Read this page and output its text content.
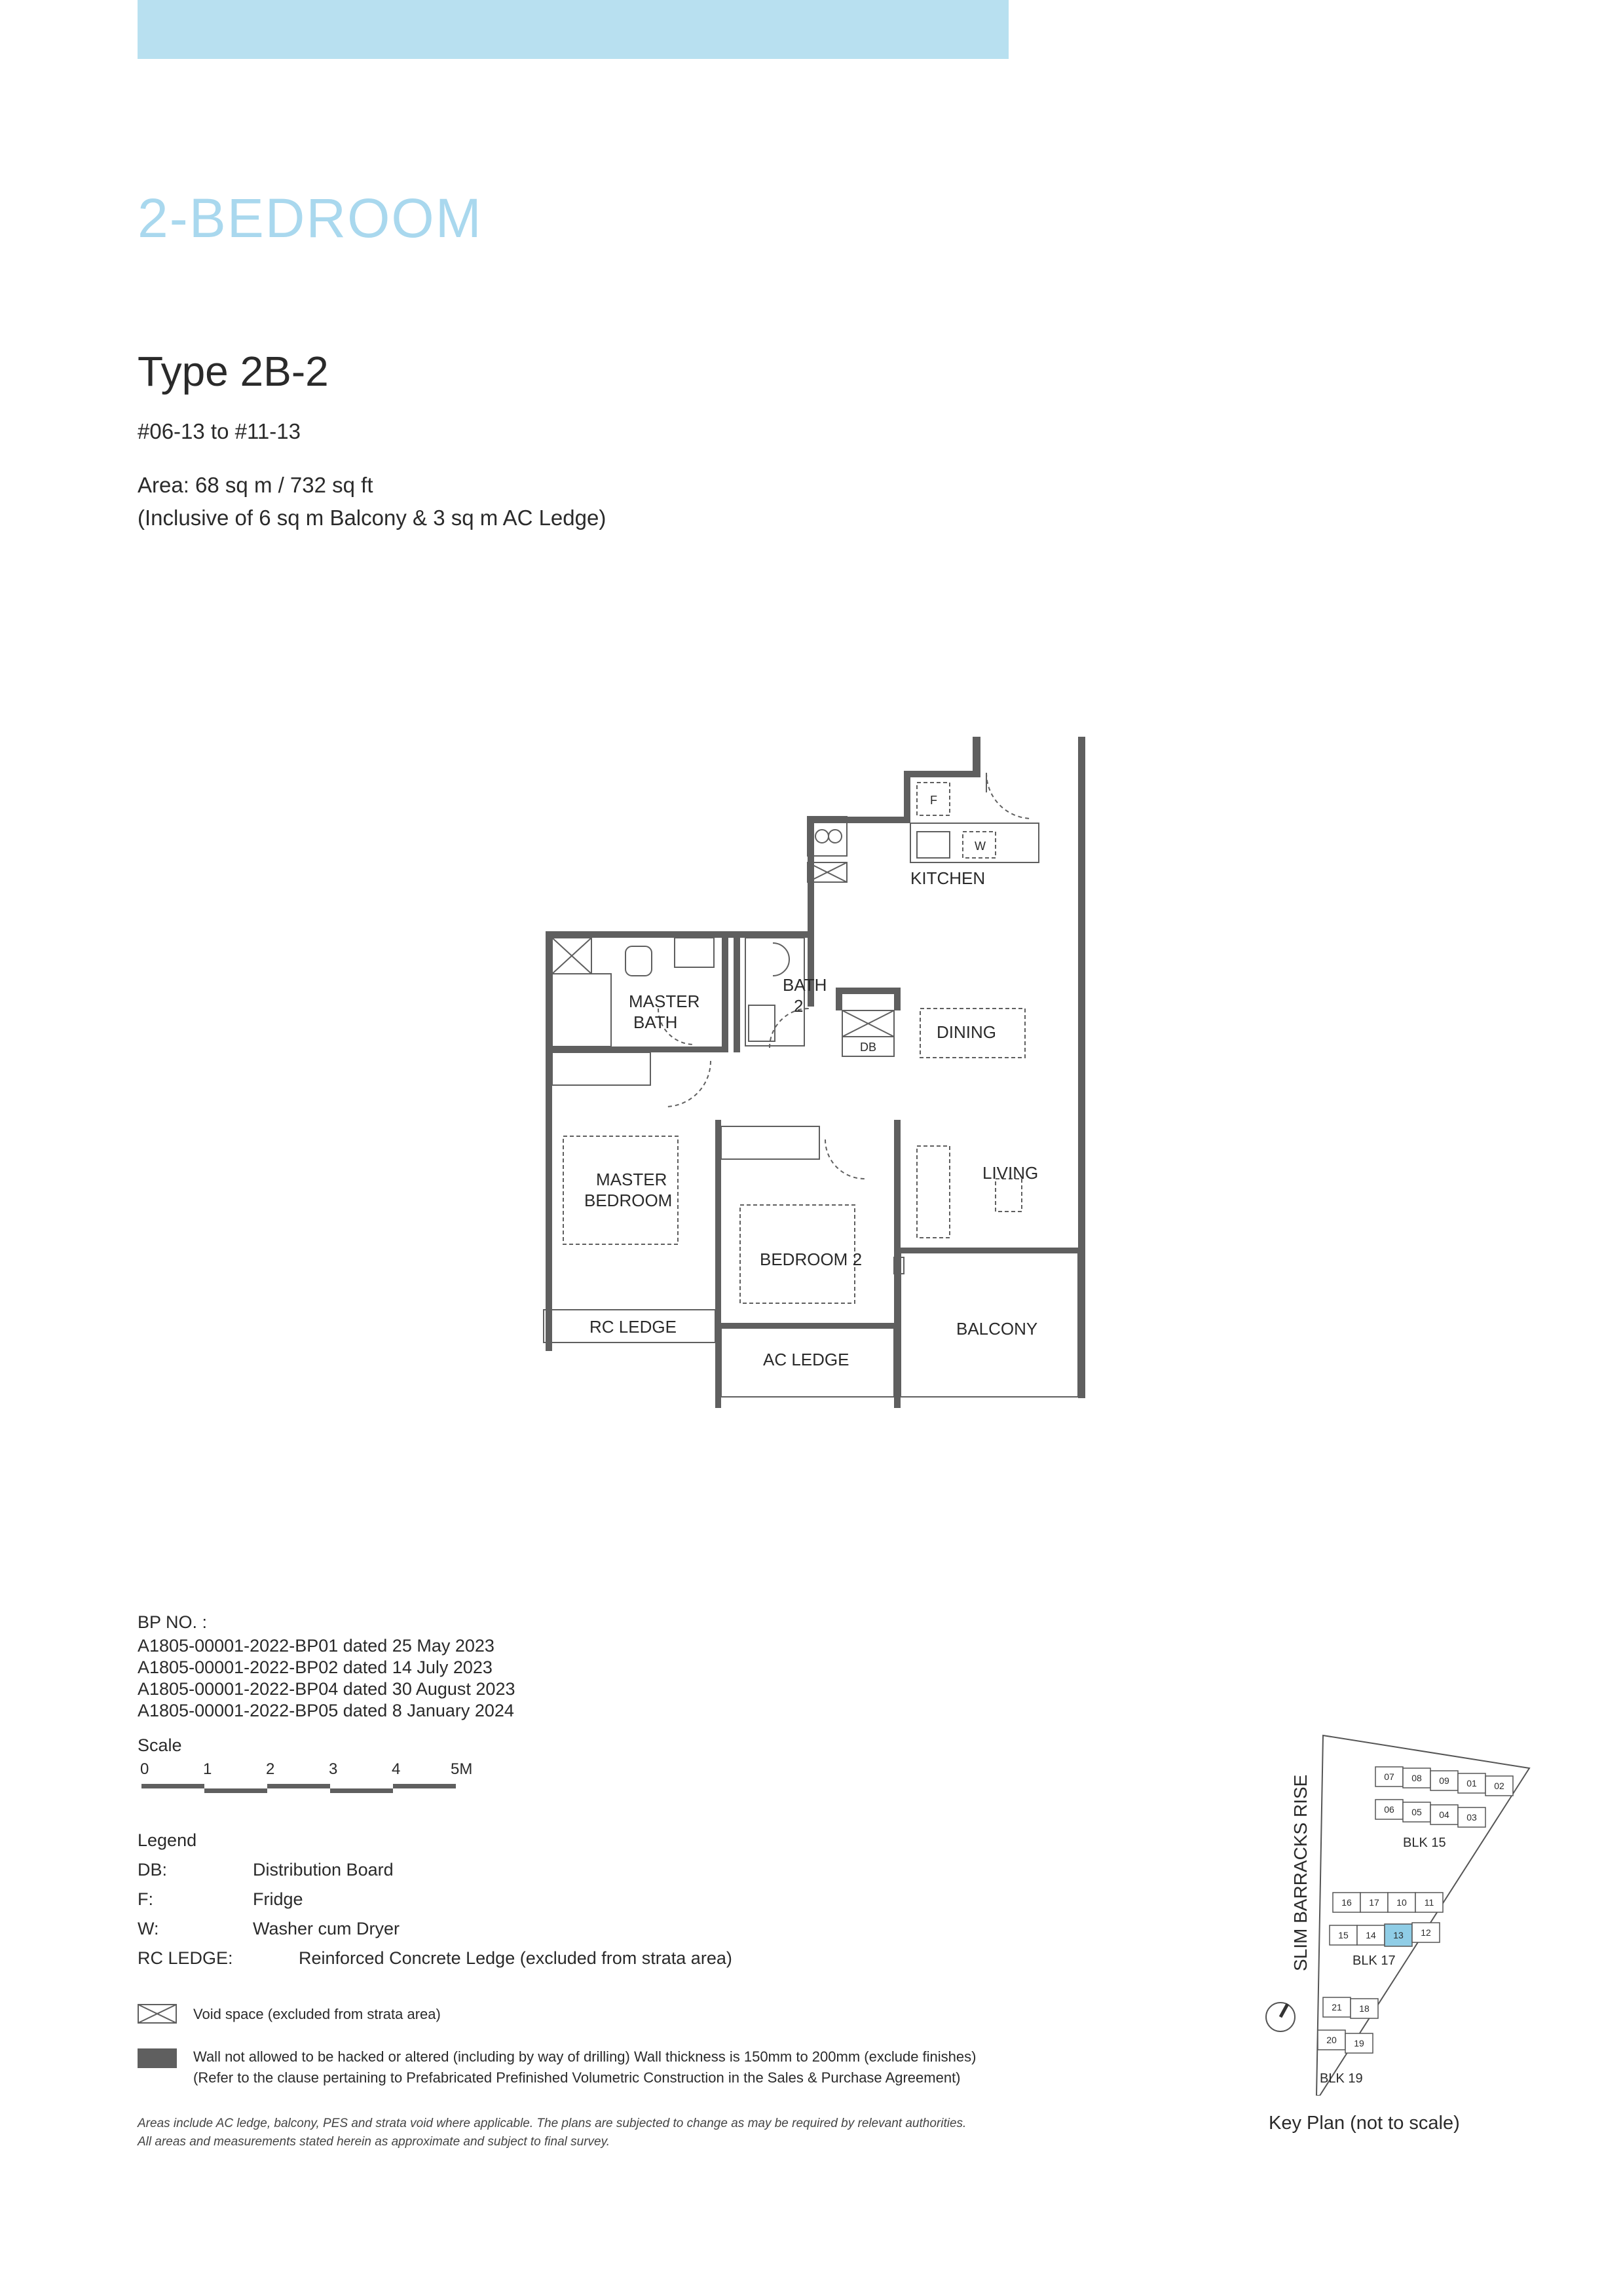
2-BEDROOM
Type 2B-2
#06-13 to #11-13
Area: 68 sq m / 732 sq ft
(Inclusive of 6 sq m Balcony & 3 sq m AC Ledge)
KITCHEN
MASTER
BATH
BATH
2
DINING
DB
LIVING
MASTER
BEDROOM
BEDROOM 2
RC LEDGE
AC LEDGE
BALCONY
F
W
BP NO. :
A1805-00001-2022-BP01 dated 25 May 2023
A1805-00001-2022-BP02 dated 14 July 2023
A1805-00001-2022-BP04 dated 30 August 2023
A1805-00001-2022-BP05 dated 8 January 2024
Scale
0	1	2	3	4	5M
Legend
DB:	Distribution Board
F:	Fridge
W:	Washer cum Dryer
RC LEDGE:	Reinforced Concrete Ledge (excluded from strata area)
Void space (excluded from strata area)
Wall not allowed to be hacked or altered (including by way of drilling) Wall thickness is 150mm to 200mm (exclude finishes)
(Refer to the clause pertaining to Prefabricated Prefinished Volumetric Construction in the Sales & Purchase Agreement)
Areas include AC ledge, balcony, PES and strata void where applicable. The plans are subjected to change as may be required by relevant authorities.
All areas and measurements stated herein as approximate and subject to final survey.
SLIM BARRACKS RISE	07 08 09 01 02
06 05 04 03
BLK 15
16 17 10 11
15 14 13 12
BLK 17
21 18
20 19
BLK 19
Key Plan (not to scale)
